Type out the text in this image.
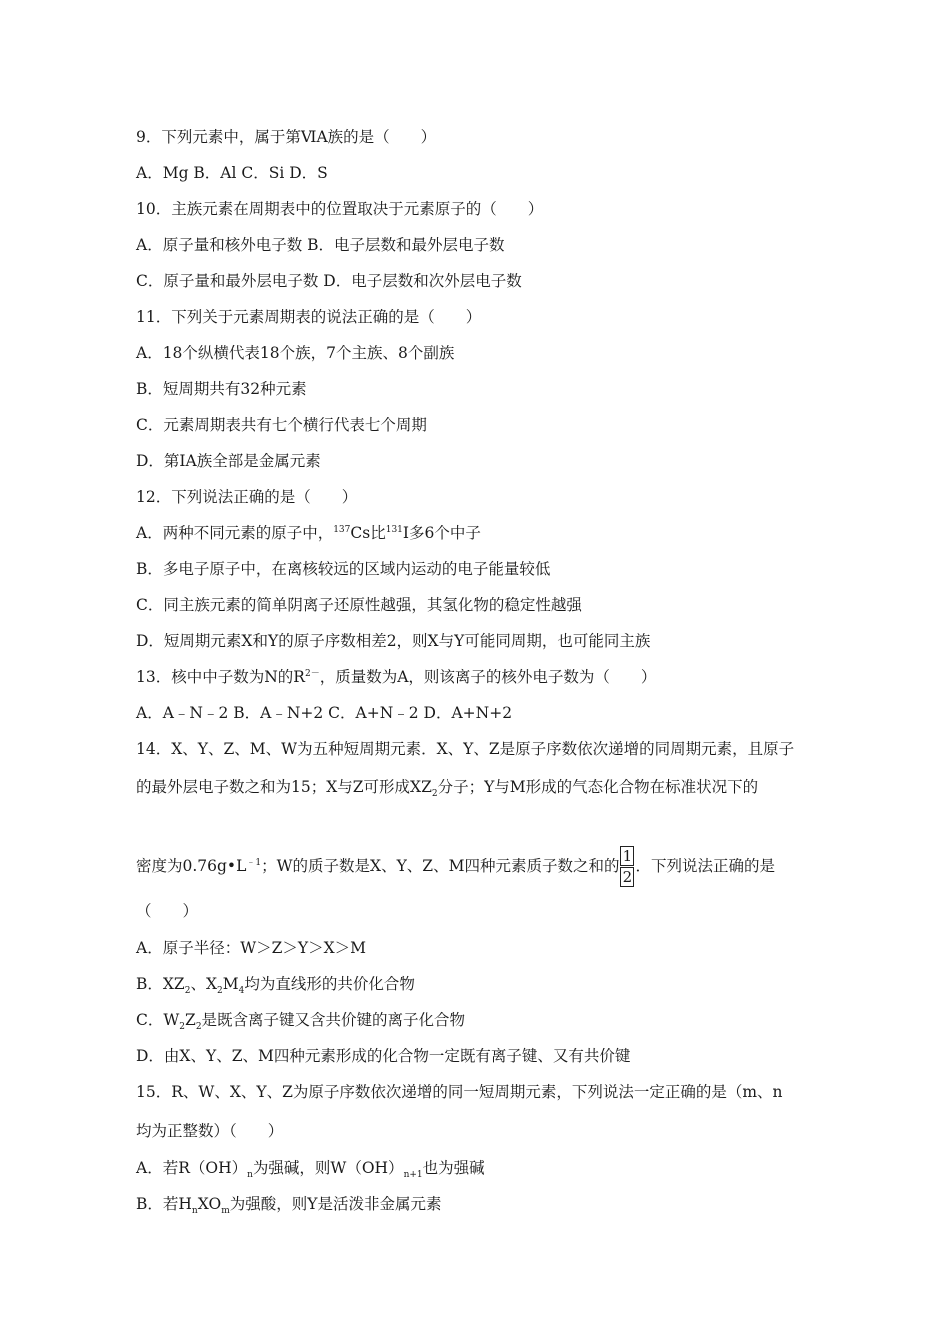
9．下列元素中，属于第ⅥA族的是（　　）
A．Mg B．Al C．Si D．S
10．主族元素在周期表中的位置取决于元素原子的（　　）
A．原子量和核外电子数 B．电子层数和最外层电子数
C．原子量和最外层电子数 D．电子层数和次外层电子数
11．下列关于元素周期表的说法正确的是（　　）
A．18个纵横代表18个族，7个主族、8个副族
B．短周期共有32种元素
C．元素周期表共有七个横行代表七个周期
D．第IA族全部是金属元素
12．下列说法正确的是（　　）
A．两种不同元素的原子中，$^{137}$Cs比$^{131}$I多6个中子
B．多电子原子中，在离核较远的区域内运动的电子能量较低
C．同主族元素的简单阴离子还原性越强，其氢化物的稳定性越强
D．短周期元素X和Y的原子序数相差2，则X与Y可能同周期，也可能同主族
13．核中中子数为N的$R^{2-}$，质量数为A，则该离子的核外电子数为（　　）
A．A﹣N﹣2 B．A﹣N+2 C．A+N﹣2 D．A+N+2
14．X、Y、Z、M、W为五种短周期元素．X、Y、Z是原子序数依次递增的同周期元素，且原子
的最外层电子数之和为15；X与Z可形成$XZ_2$分子；Y与M形成的气态化合物在标准状况下的
密度为$0.76g•L^{﹣1}$；W的质子数是X、Y、Z、M四种元素质子数之和的 $\frac{1}{2}$ ．下列说法正确的是
（　　）
A．原子半径：W＞Z＞Y＞X＞M
B．$XZ_2$、$X_2M_4$均为直线形的共价化合物
C．$W_2Z_2$是既含离子键又含共价键的离子化合物
D．由X、Y、Z、M四种元素形成的化合物一定既有离子键、又有共价键
15．R、W、X、Y、Z为原子序数依次递增的同一短周期元素，下列说法一定正确的是（m、n
均为正整数）（　　）
A．若$R(OH)_n$为强碱，则$W(OH)_{n+1}$也为强碱
B．若$H_nXO_m$为强酸，则Y是活泼非金属元素
